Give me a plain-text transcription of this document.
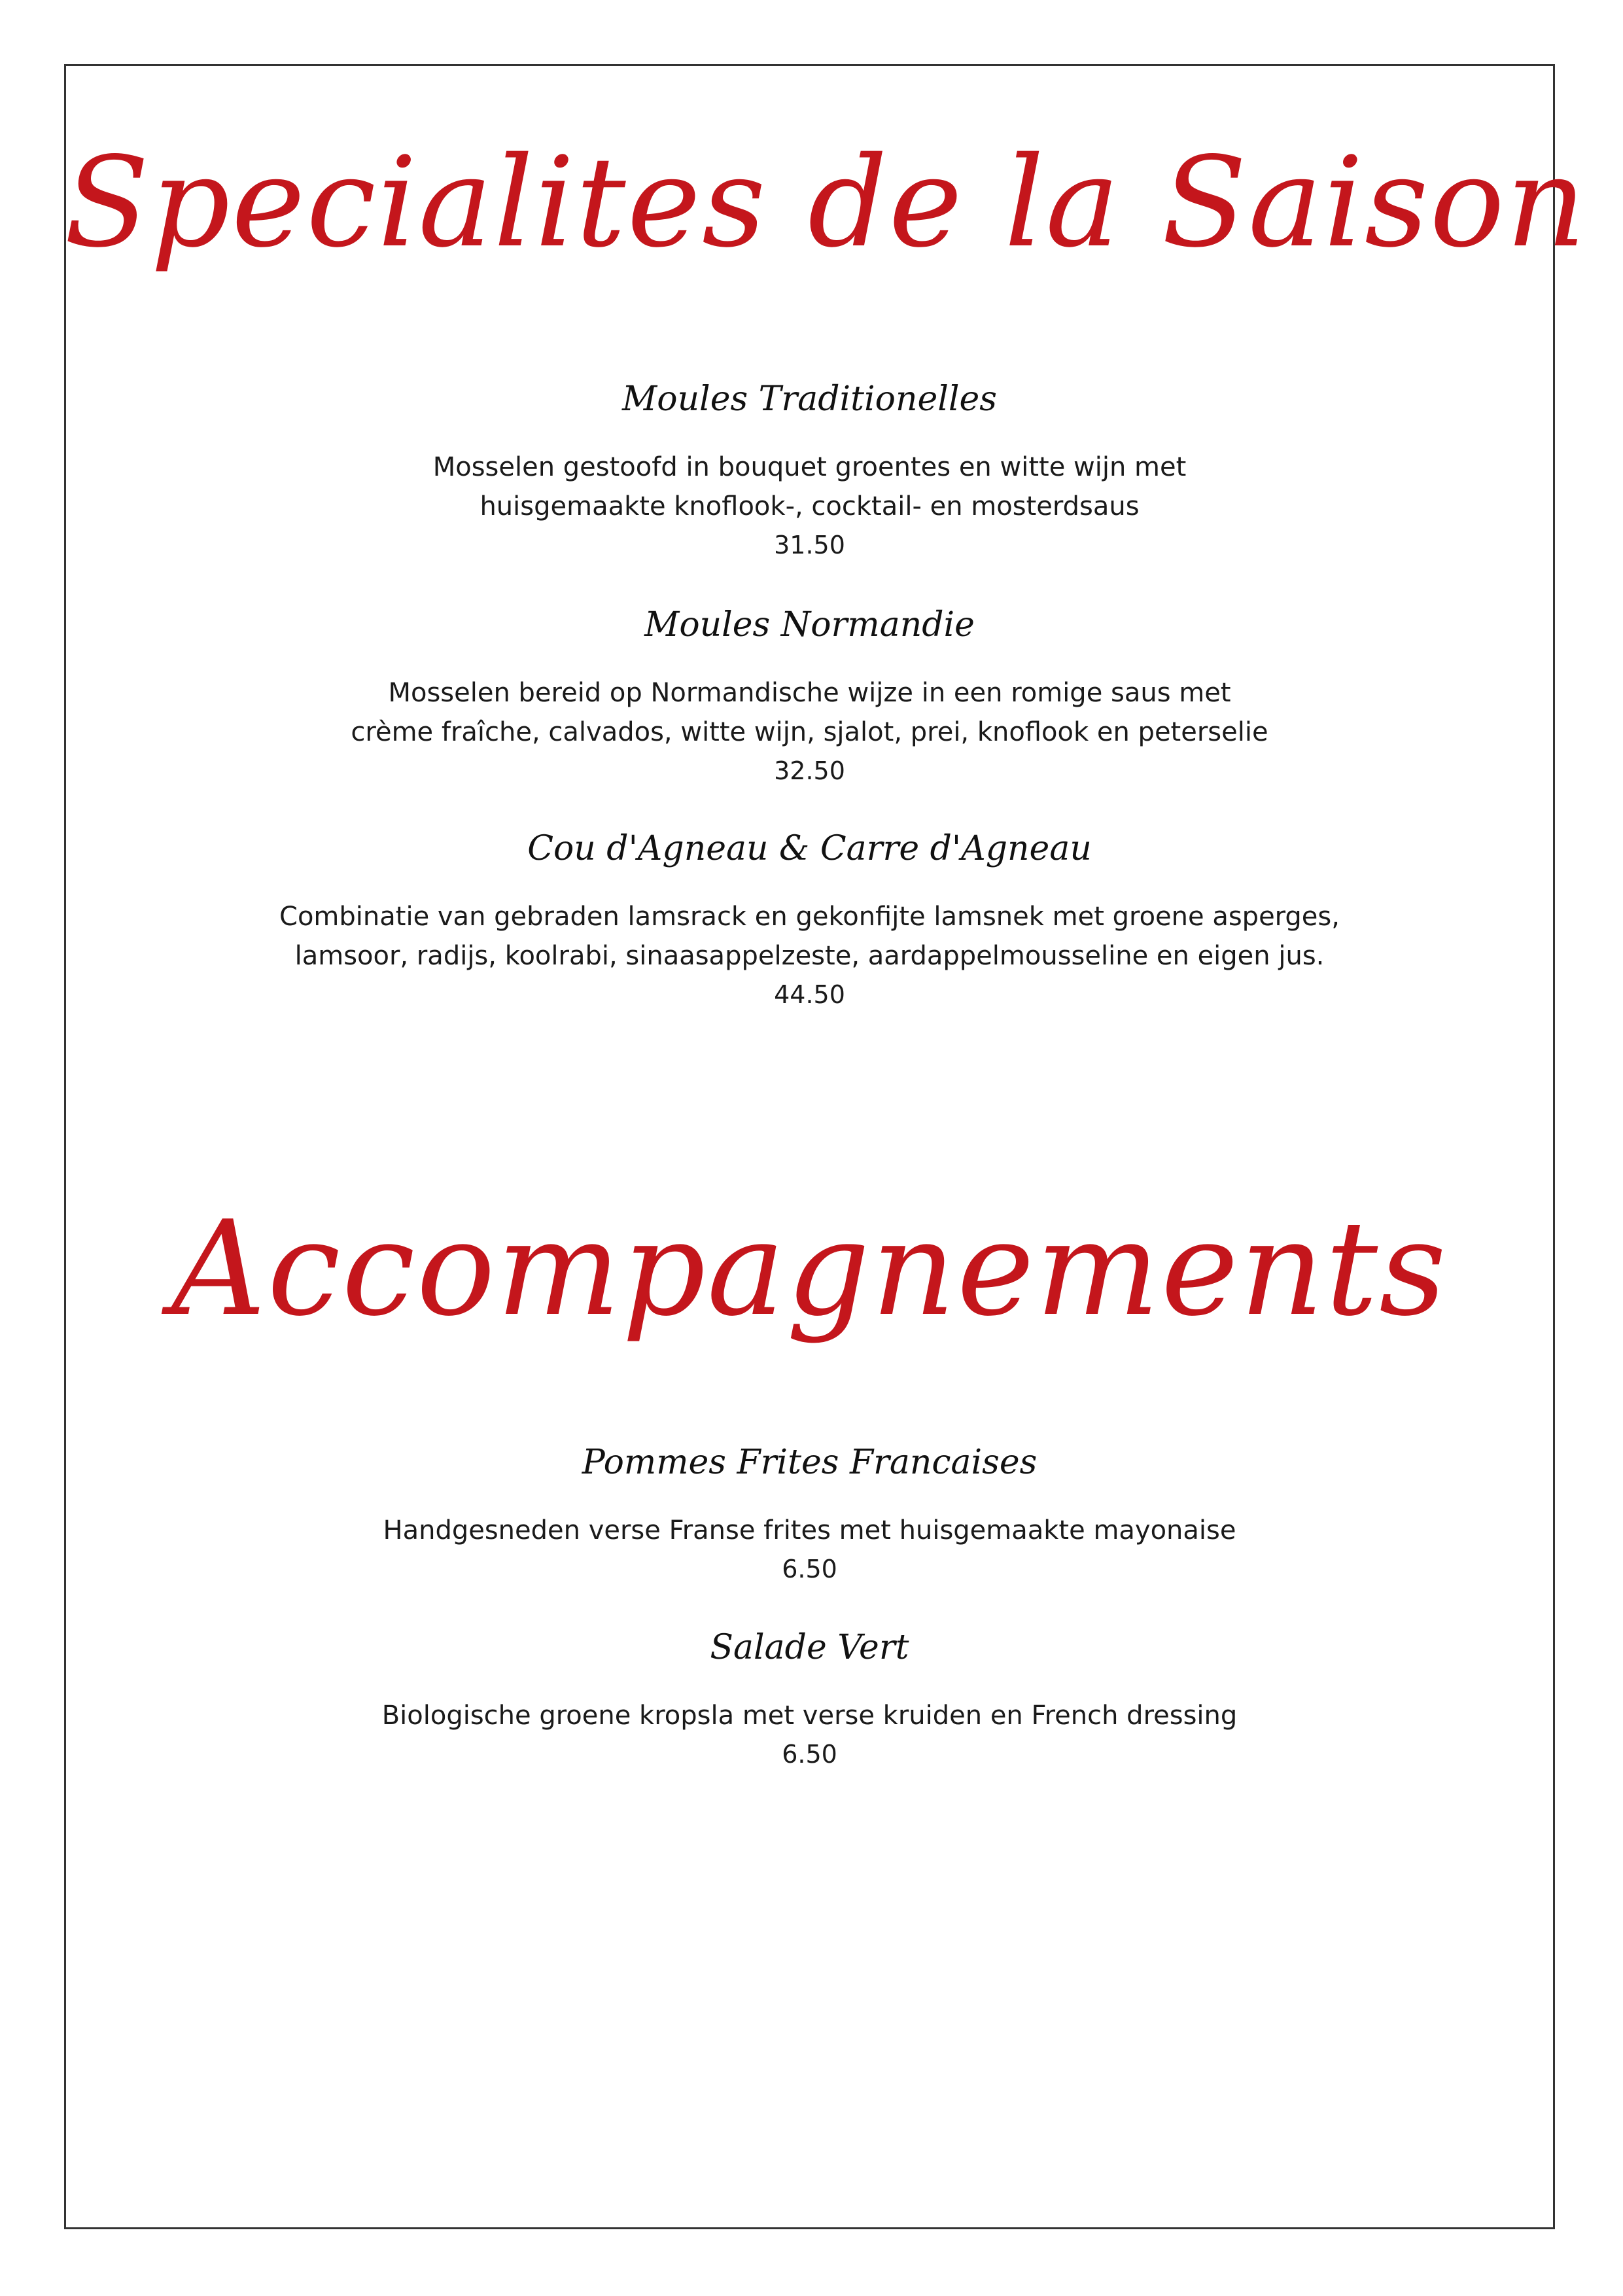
Specialites de la Saison
Moules Traditionelles
Mosselen gestoofd in bouquet groentes en witte wijn met
huisgemaakte knoflook-, cocktail- en mosterdsaus
31.50
Moules Normandie
Mosselen bereid op Normandische wijze in een romige saus met
crème fraîche, calvados, witte wijn, sjalot, prei, knoflook en peterselie
32.50
Cou d'Agneau & Carre d'Agneau
Combinatie van gebraden lamsrack en gekonfijte lamsnek met groene asperges,
lamsoor, radijs, koolrabi, sinaasappelzeste, aardappelmousseline en eigen jus.
44.50
Accompagnements
Pommes Frites Francaises
Handgesneden verse Franse frites met huisgemaakte mayonaise
6.50
Salade Vert
Biologische groene kropsla met verse kruiden en French dressing
6.50
